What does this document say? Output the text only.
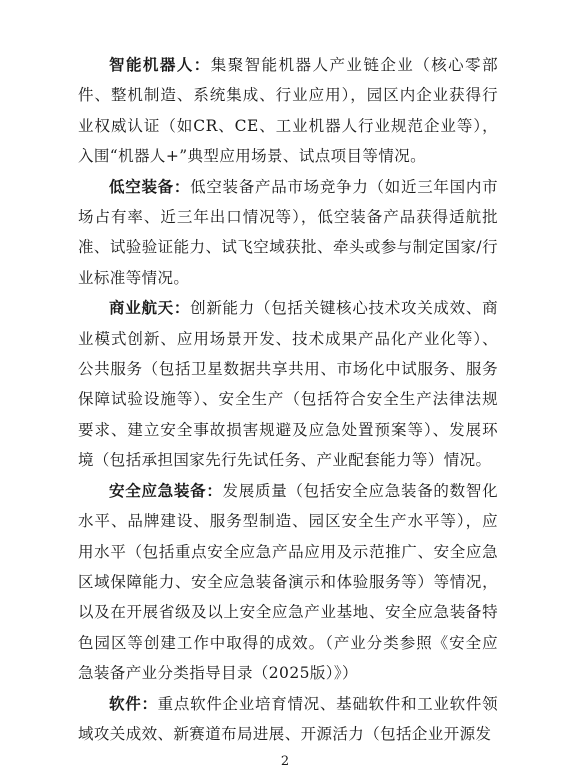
智能机器人：集聚智能机器人产业链企业（核心零部件、整机制造、系统集成、行业应用），园区内企业获得行业权威认证（如CR、CE、工业机器人行业规范企业等），入围“机器人+”典型应用场景、试点项目等情况。

低空装备：低空装备产品市场竞争力（如近三年国内市场占有率、近三年出口情况等），低空装备产品获得适航批准、试验验证能力、试飞空域获批、牵头或参与制定国家/行业标准等情况。

商业航天：创新能力（包括关键核心技术攻关成效、商业模式创新、应用场景开发、技术成果产品化产业化等）、公共服务（包括卫星数据共享共用、市场化中试服务、服务保障试验设施等）、安全生产（包括符合安全生产法律法规要求、建立安全事故损害规避及应急处置预案等）、发展环境（包括承担国家先行先试任务、产业配套能力等）情况。

安全应急装备：发展质量（包括安全应急装备的数智化水平、品牌建设、服务型制造、园区安全生产水平等），应用水平（包括重点安全应急产品应用及示范推广、安全应急区域保障能力、安全应急装备演示和体验服务等）等情况，以及在开展省级及以上安全应急产业基地、安全应急装备特色园区等创建工作中取得的成效。（产业分类参照《安全应急装备产业分类指导目录（2025版）》）

软件：重点软件企业培育情况、基础软件和工业软件领域攻关成效、新赛道布局进展、开源活力（包括企业开源发

2
